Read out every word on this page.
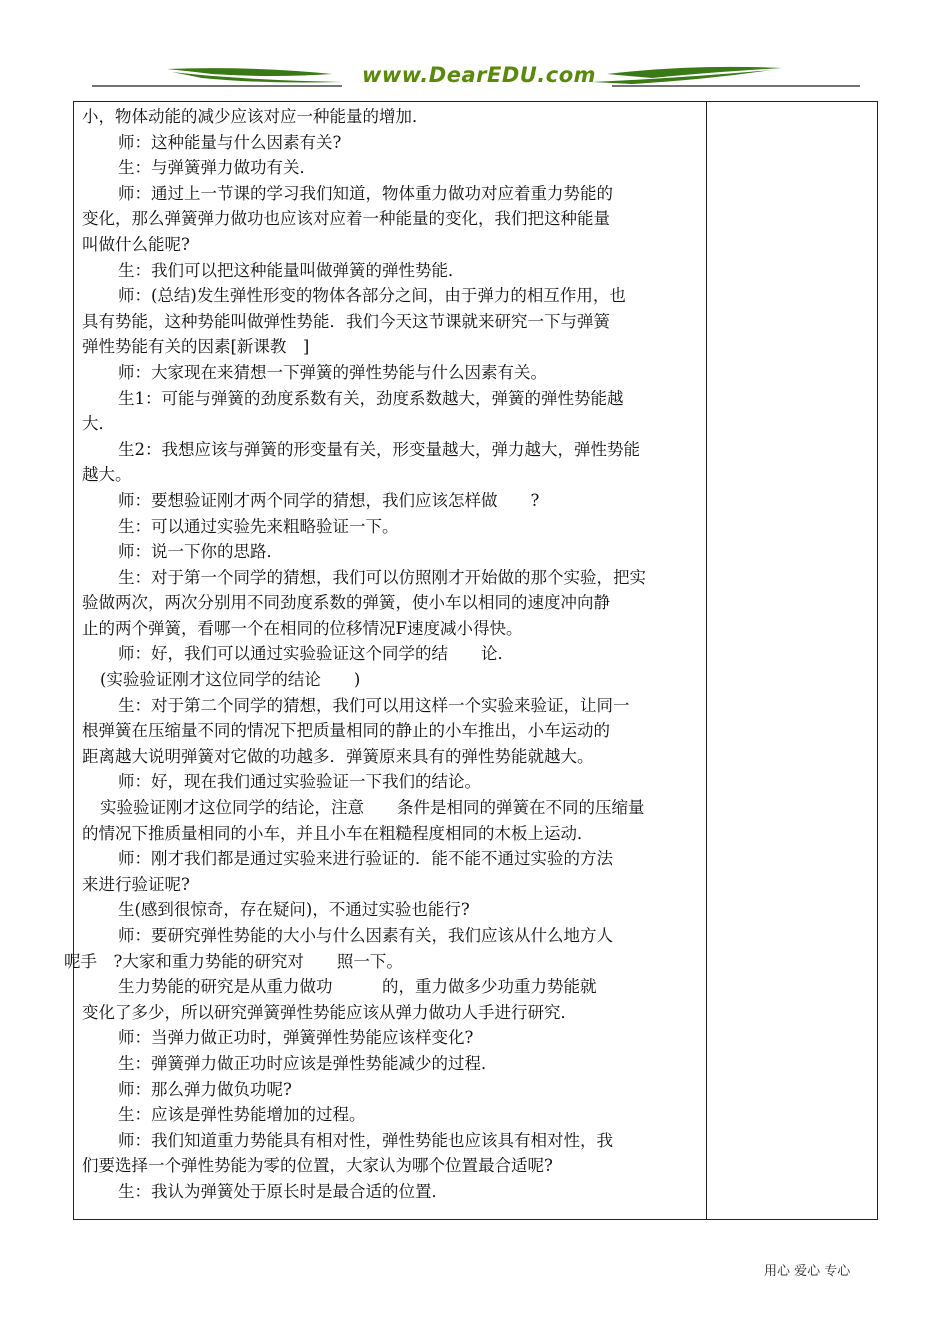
www.DearEDU.com
小，物体动能的减少应该对应一种能量的增加．
师：这种能量与什么因素有关?
生：与弹簧弹力做功有关．
师：通过上一节课的学习我们知道，物体重力做功对应着重力势能的
变化，那么弹簧弹力做功也应该对应着一种能量的变化，我们把这种能量
叫做什么能呢?
生：我们可以把这种能量叫做弹簧的弹性势能．
师：(总结)发生弹性形变的物体各部分之间，由于弹力的相互作用，也
具有势能，这种势能叫做弹性势能．我们今天这节课就来研究一下与弹簧
弹性势能有关的因素[新课教　]
师：大家现在来猜想一下弹簧的弹性势能与什么因素有关。
生1：可能与弹簧的劲度系数有关，劲度系数越大，弹簧的弹性势能越
大．
生2：我想应该与弹簧的形变量有关，形变量越大，弹力越大，弹性势能
越大。
师：要想验证刚才两个同学的猜想，我们应该怎样做　　?
生：可以通过实验先来粗略验证一下。
师：说一下你的思路．
生：对于第一个同学的猜想，我们可以仿照刚才开始做的那个实验，把实
验做两次，两次分别用不同劲度系数的弹簧，使小车以相同的速度冲向静
止的两个弹簧，看哪一个在相同的位移情况F速度减小得快。
师：好，我们可以通过实验验证这个同学的结　　论．
(实验验证刚才这位同学的结论　　)
生：对于第二个同学的猜想，我们可以用这样一个实验来验证，让同一
根弹簧在压缩量不同的情况下把质量相同的静止的小车推出，小车运动的
距离越大说明弹簧对它做的功越多．弹簧原来具有的弹性势能就越大。
师：好，现在我们通过实验验证一下我们的结论。
实验验证刚才这位同学的结论，注意　　条件是相同的弹簧在不同的压缩量
的情况下推质量相同的小车，并且小车在粗糙程度相同的木板上运动．
师：刚才我们都是通过实验来进行验证的．能不能不通过实验的方法
来进行验证呢?
生(感到很惊奇，存在疑问)，不通过实验也能行?
师：要研究弹性势能的大小与什么因素有关，我们应该从什么地方人
呢手　?大家和重力势能的研究对　　照一下。
生力势能的研究是从重力做功　　　的，重力做多少功重力势能就
变化了多少，所以研究弹簧弹性势能应该从弹力做功人手进行研究．
师：当弹力做正功时，弹簧弹性势能应该样变化?
生：弹簧弹力做正功时应该是弹性势能减少的过程．
师：那么弹力做负功呢?
生：应该是弹性势能增加的过程。
师：我们知道重力势能具有相对性，弹性势能也应该具有相对性，我
们要选择一个弹性势能为零的位置，大家认为哪个位置最合适呢?
生：我认为弹簧处于原长时是最合适的位置．
用心 爱心 专心
